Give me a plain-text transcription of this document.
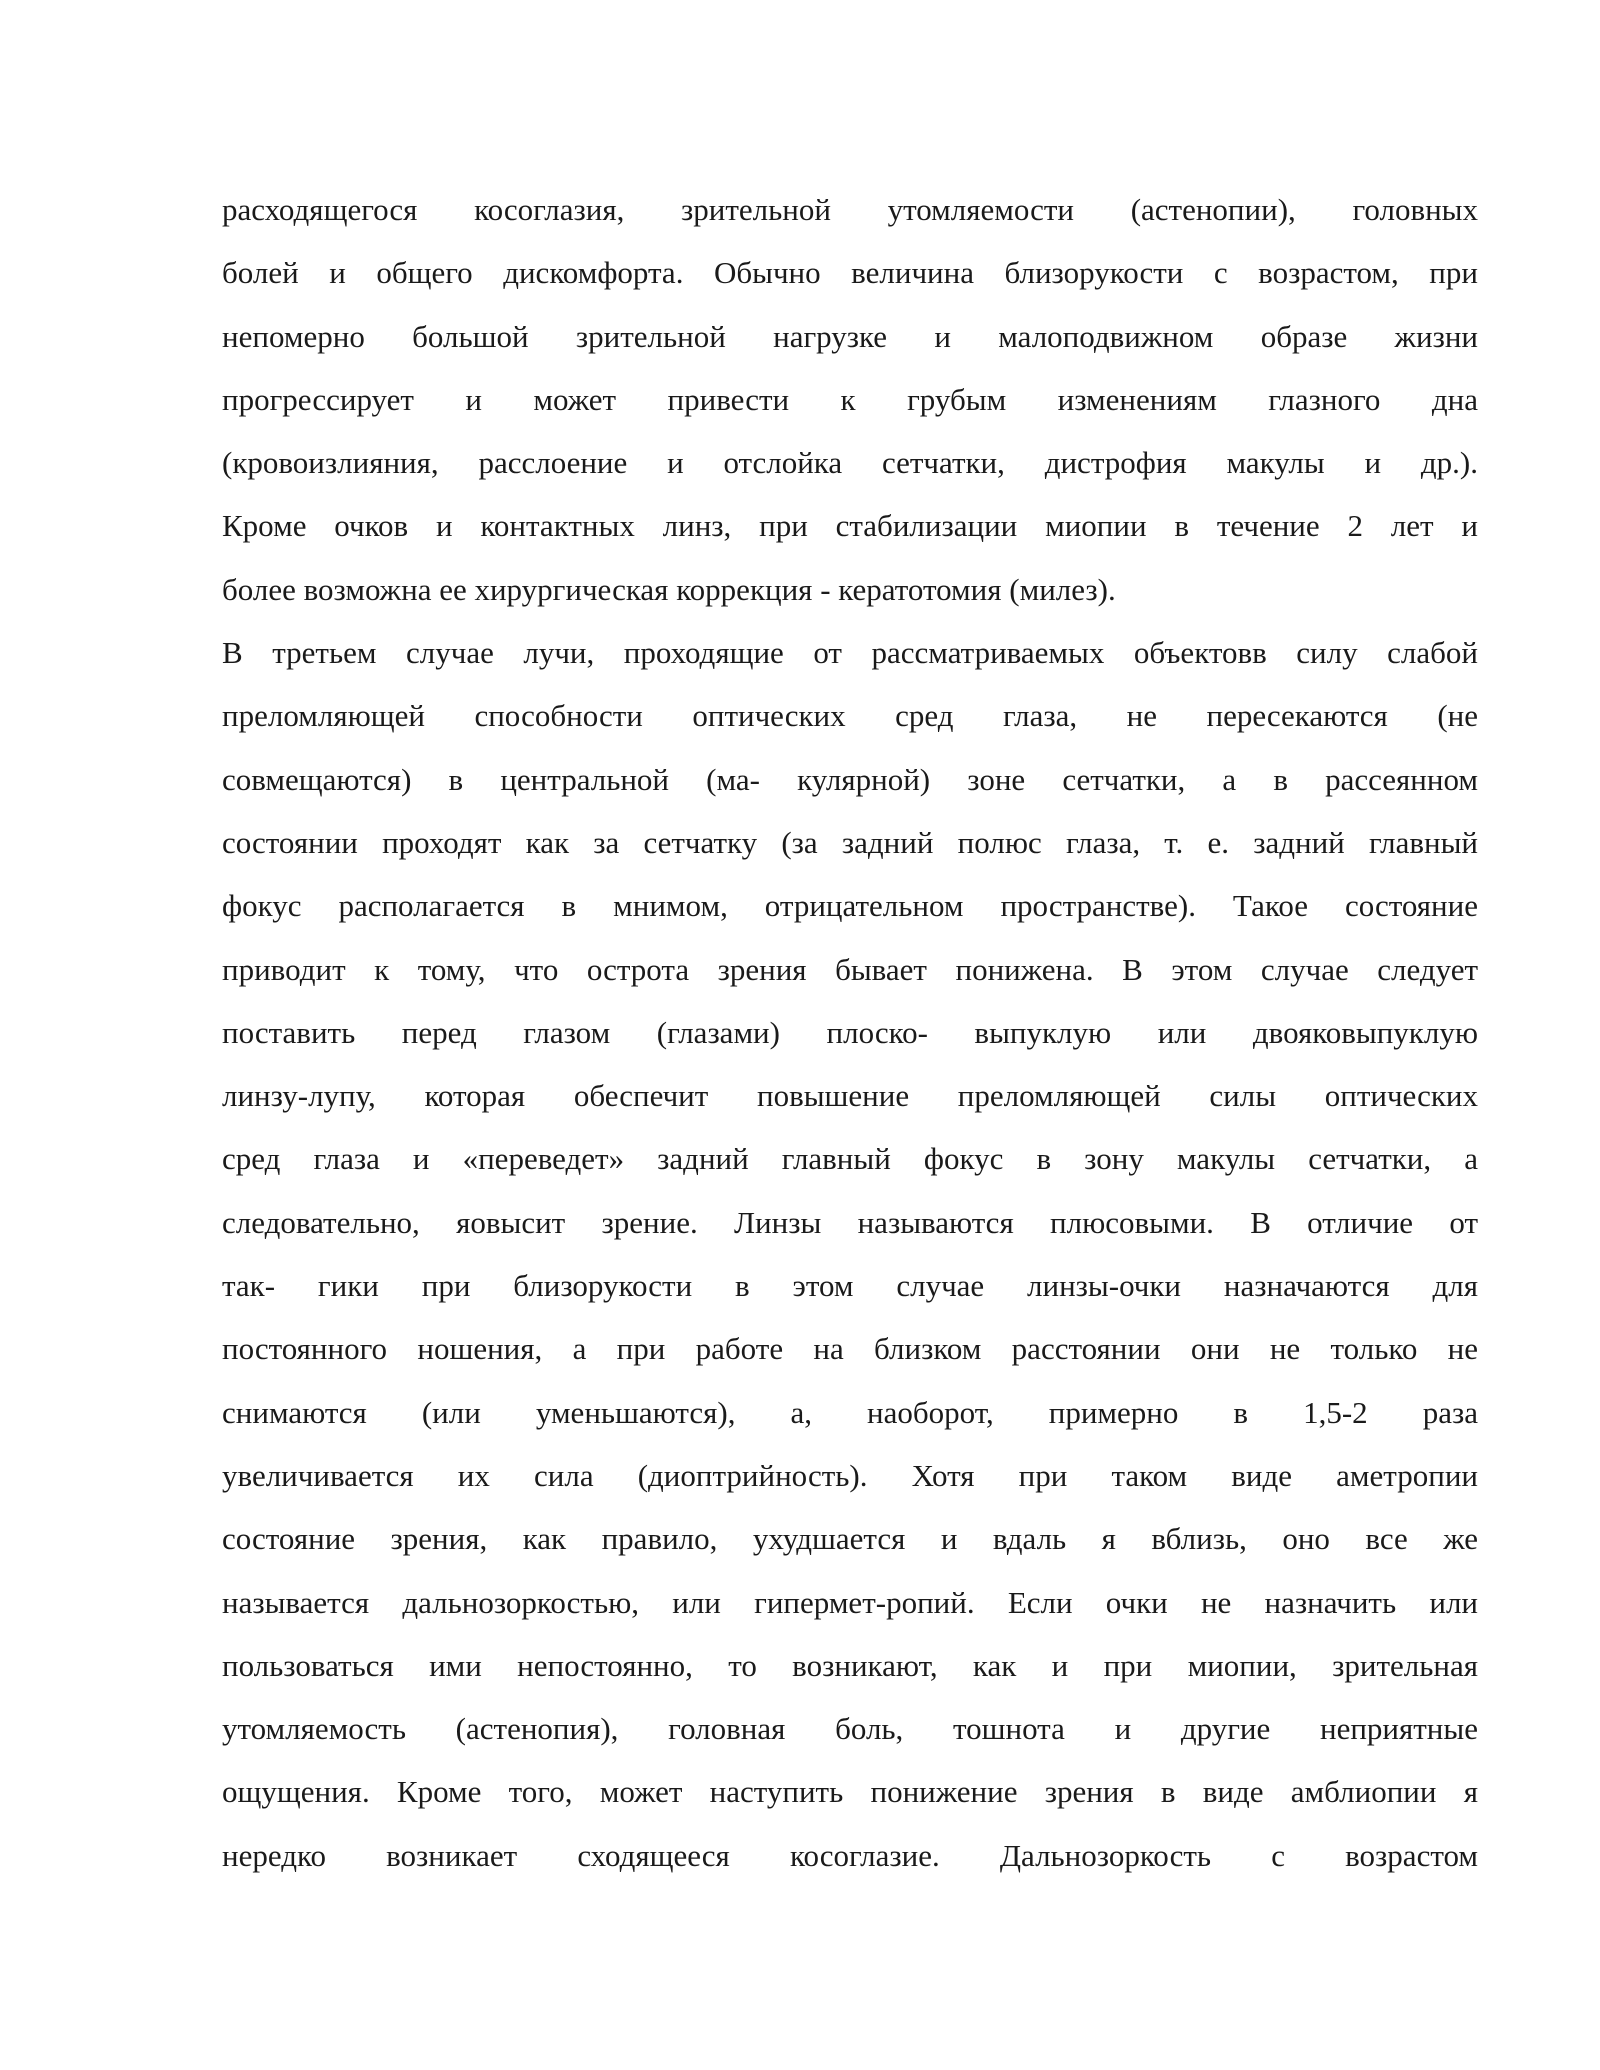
расходящегося косоглазия, зрительной утомляемости (астенопии), головных
болей и общего дискомфорта. Обычно величина близорукости с возрастом, при
непомерно большой зрительной нагрузке и малоподвижном образе жизни
прогрессирует и может привести к грубым изменениям глазного дна
(кровоизлияния, расслоение и отслойка сетчатки, дистрофия макулы и др.).
Кроме очков и контактных линз, при стабилизации миопии в течение 2 лет и
более возможна ее хирургическая коррекция - кератотомия (милез).
В третьем случае лучи, проходящие от рассматриваемых объектовв силу слабой
преломляющей способности оптических сред глаза, не пересекаются (не
совмещаются) в центральной (ма- кулярной) зоне сетчатки, а в рассеянном
состоянии проходят как за сетчатку (за задний полюс глаза, т. е. задний главный
фокус располагается в мнимом, отрицательном пространстве). Такое состояние
приводит к тому, что острота зрения бывает понижена. В этом случае следует
поставить перед глазом (глазами) плоско- выпуклую или двояковыпуклую
линзу-лупу, которая обеспечит повышение преломляющей силы оптических
сред глаза и «переведет» задний главный фокус в зону макулы сетчатки, а
следовательно, яовысит зрение. Линзы называются плюсовыми. В отличие от
так- гики при близорукости в этом случае линзы-очки назначаются для
постоянного ношения, а при работе на близком расстоянии они не только не
снимаются (или уменьшаются), а, наоборот, примерно в 1,5-2 раза
увеличивается их сила (диоптрийность). Хотя при таком виде аметропии
состояние зрения, как правило, ухудшается и вдаль я вблизь, оно все же
называется дальнозоркостью, или гипермет-ропий. Если очки не назначить или
пользоваться ими непостоянно, то возникают, как и при миопии, зрительная
утомляемость (астенопия), головная боль, тошнота и другие неприятные
ощущения. Кроме того, может наступить понижение зрения в виде амблиопии я
нередко возникает сходящееся косоглазие. Дальнозоркость с возрастом
